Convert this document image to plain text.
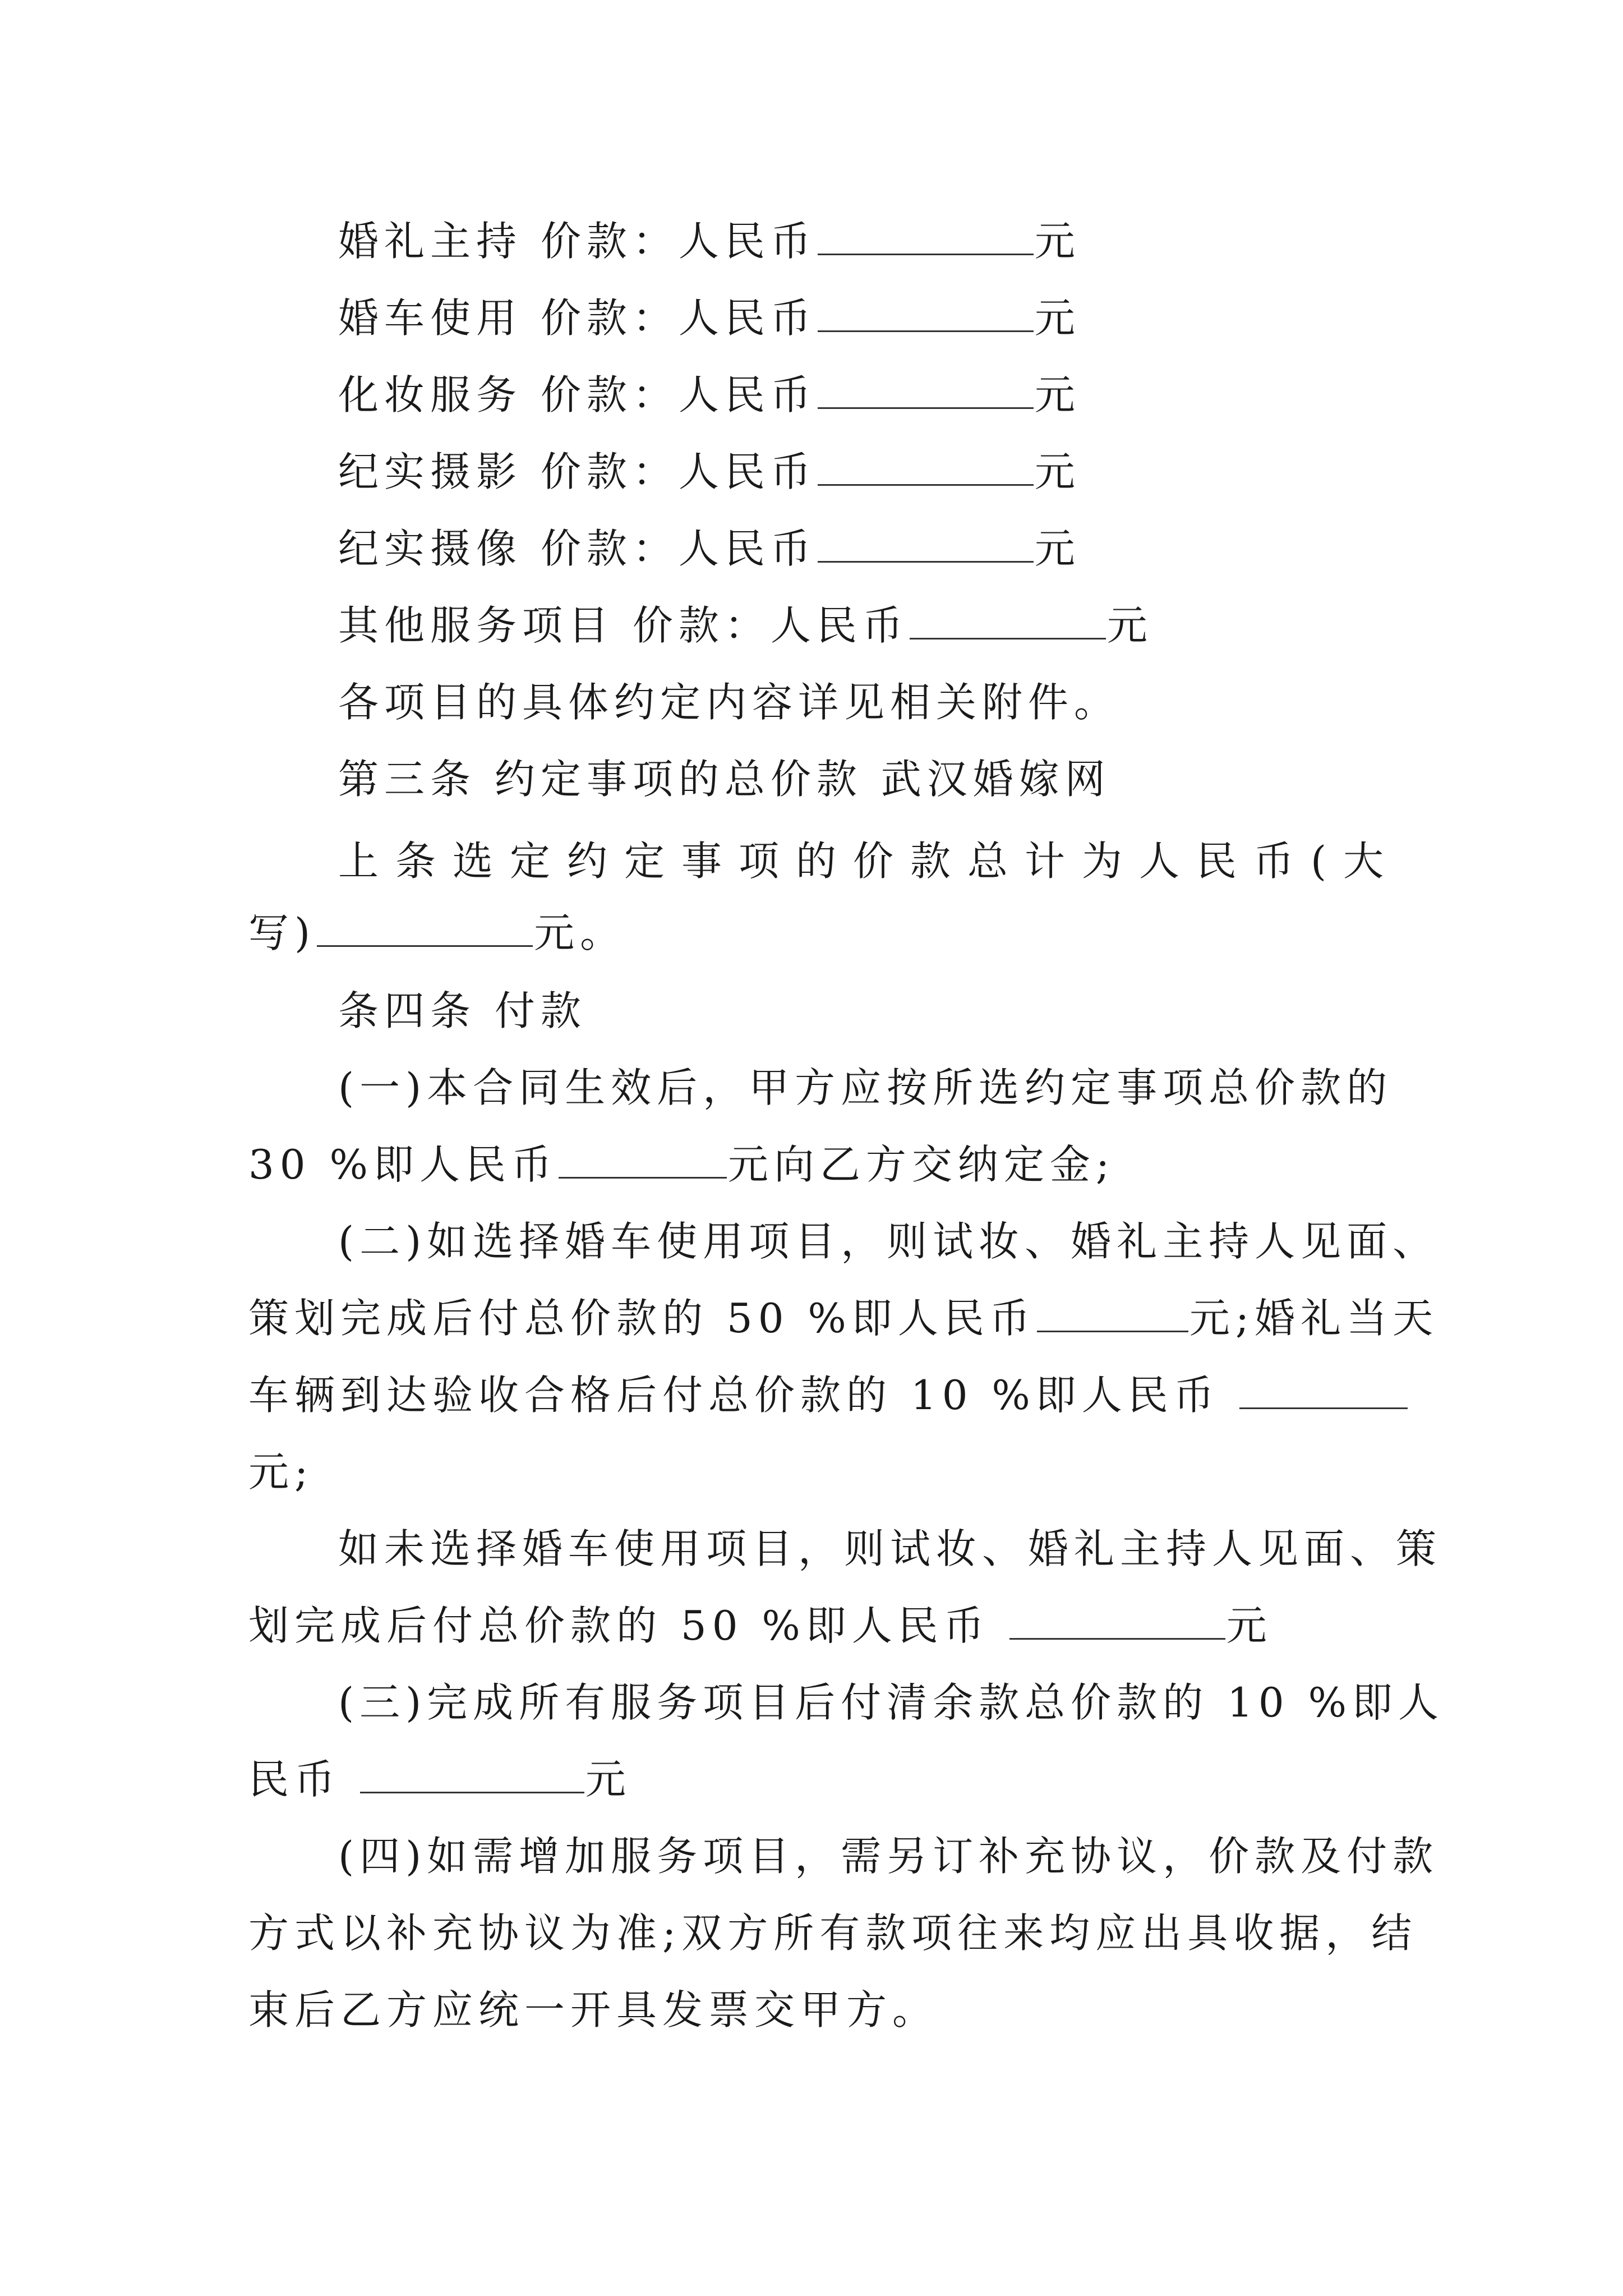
婚礼主持 价款：人民币	元
婚车使用 价款：人民币	元
化妆服务 价款：人民币	元
纪实摄影 价款：人民币	元
纪实摄像 价款：人民币	元
其他服务项目 价款：人民币	元
各项目的具体约定内容详见相关附件。
第三条 约定事项的总价款 武汉婚嫁网
上条选定约定事项的价款总计为人民币(大
写)	元。
条四条 付款
(一)本合同生效后，甲方应按所选约定事项总价款的
30 %即人民币	元向乙方交纳定金;
(二)如选择婚车使用项目，则试妆、婚礼主持人见面、
策划完成后付总价款的 50 %即人民币	元;婚礼当天
车辆到达验收合格后付总价款的 10 %即人民币
元;
如未选择婚车使用项目，则试妆、婚礼主持人见面、策
划完成后付总价款的 50 %即人民币	元
(三)完成所有服务项目后付清余款总价款的 10 %即人
民币	元
(四)如需增加服务项目，需另订补充协议，价款及付款
方式以补充协议为准;双方所有款项往来均应出具收据，结
束后乙方应统一开具发票交甲方。
